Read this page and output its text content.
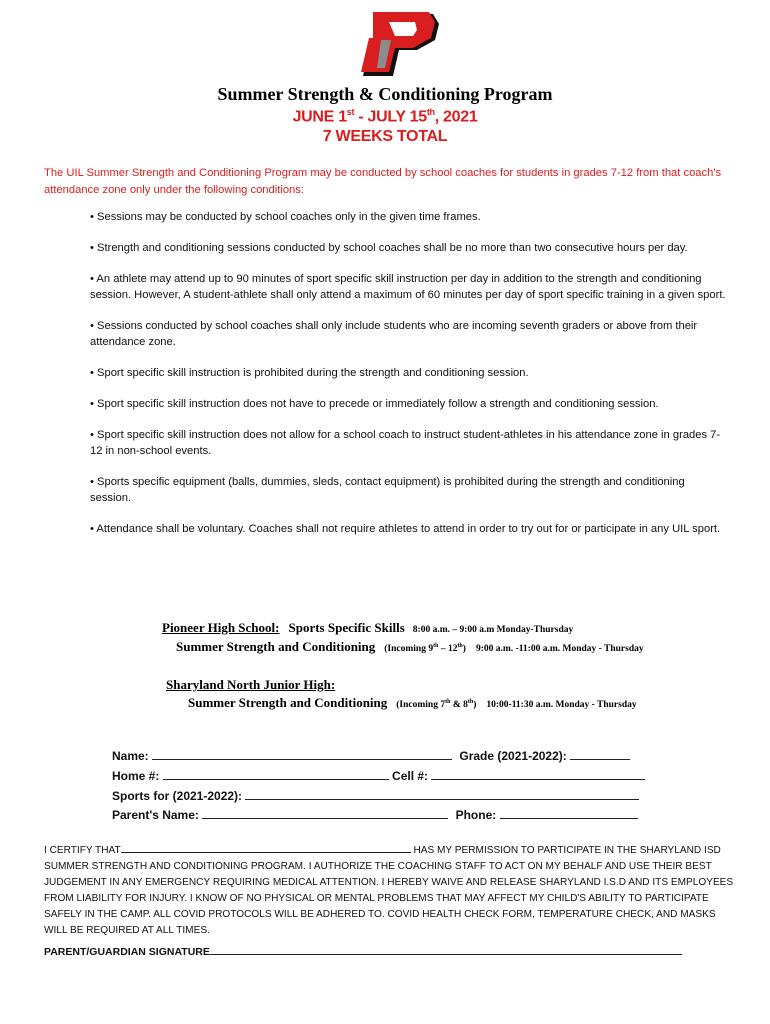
Summer Strength & Conditioning Program
JUNE 1st - JULY 15th, 2021
7 WEEKS TOTAL
The UIL Summer Strength and Conditioning Program may be conducted by school coaches for students in grades 7-12 from that coach's attendance zone only under the following conditions:

• Sessions may be conducted by school coaches only in the given time frames.

• Strength and conditioning sessions conducted by school coaches shall be no more than two consecutive hours per day.

• An athlete may attend up to 90 minutes of sport specific skill instruction per day in addition to the strength and conditioning session. However, A student-athlete shall only attend a maximum of 60 minutes per day of sport specific training in a given sport.

• Sessions conducted by school coaches shall only include students who are incoming seventh graders or above from their attendance zone.

• Sport specific skill instruction is prohibited during the strength and conditioning session.

• Sport specific skill instruction does not have to precede or immediately follow a strength and conditioning session.

• Sport specific skill instruction does not allow for a school coach to instruct student-athletes in his attendance zone in grades 7-12 in non-school events.

• Sports specific equipment (balls, dummies, sleds, contact equipment) is prohibited during the strength and conditioning session.

• Attendance shall be voluntary. Coaches shall not require athletes to attend in order to try out for or participate in any UIL sport.

Pioneer High School: Sports Specific Skills 8:00 a.m. – 9:00 a.m Monday-Thursday
Summer Strength and Conditioning (Incoming 9th – 12th) 9:00 a.m. -11:00 a.m. Monday - Thursday
Sharyland North Junior High:
Summer Strength and Conditioning (Incoming 7th & 8th) 10:00-11:30 a.m. Monday - Thursday
Name:	Grade (2021-2022):
Home #:	Cell #:
Sports for (2021-2022):
Parent's Name:	Phone:
I CERTIFY THAT	HAS MY PERMISSION TO PARTICIPATE IN THE SHARYLAND ISD SUMMER STRENGTH AND CONDITIONING PROGRAM. I AUTHORIZE THE COACHING STAFF TO ACT ON MY BEHALF AND USE THEIR BEST JUDGEMENT IN ANY EMERGENCY REQUIRING MEDICAL ATTENTION. I HEREBY WAIVE AND RELEASE SHARYLAND I.S.D AND ITS EMPLOYEES FROM LIABILITY FOR INJURY. I KNOW OF NO PHYSICAL OR MENTAL PROBLEMS THAT MAY AFFECT MY CHILD'S ABILITY TO PARTICIPATE SAFELY IN THE CAMP. ALL COVID PROTOCOLS WILL BE ADHERED TO. COVID HEALTH CHECK FORM, TEMPERATURE CHECK, AND MASKS WILL BE REQUIRED AT ALL TIMES.
PARENT/GUARDIAN SIGNATURE
